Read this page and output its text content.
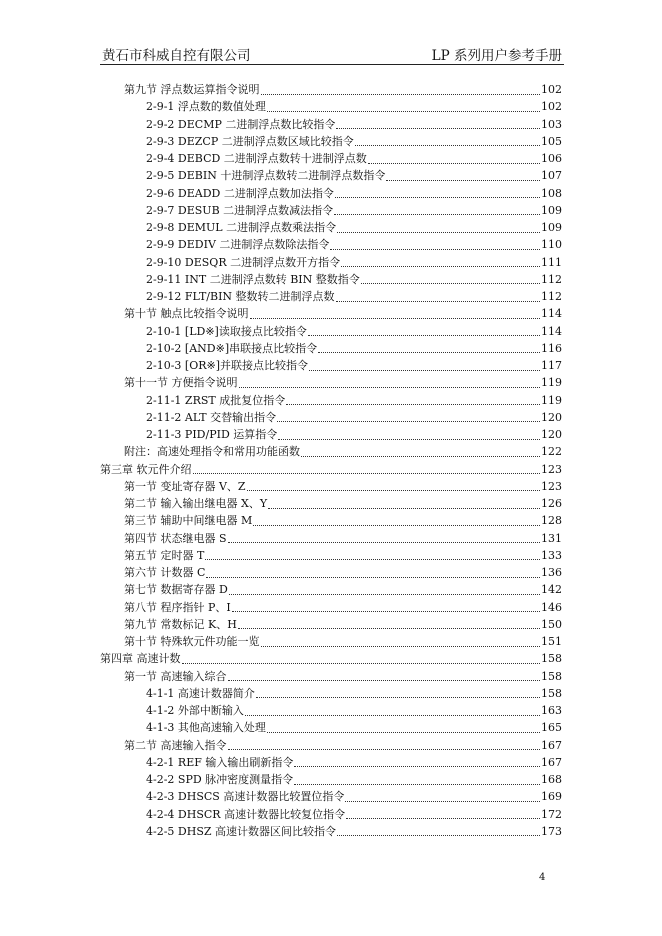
黄石市科威自控有限公司	LP 系列用户参考手册
第九节 浮点数运算指令说明	102
2-9-1 浮点数的数值处理	102
2-9-2 DECMP 二进制浮点数比较指令	103
2-9-3 DEZCP 二进制浮点数区域比较指令	105
2-9-4 DEBCD 二进制浮点数转十进制浮点数	106
2-9-5 DEBIN 十进制浮点数转二进制浮点数指令	107
2-9-6 DEADD 二进制浮点数加法指令	108
2-9-7 DESUB 二进制浮点数减法指令	109
2-9-8 DEMUL 二进制浮点数乘法指令	109
2-9-9 DEDIV 二进制浮点数除法指令	110
2-9-10 DESQR 二进制浮点数开方指令	111
2-9-11 INT 二进制浮点数转 BIN 整数指令	112
2-9-12 FLT/BIN 整数转二进制浮点数	112
第十节 触点比较指令说明	114
2-10-1 [LD※]读取接点比较指令	114
2-10-2 [AND※]串联接点比较指令	116
2-10-3 [OR※]并联接点比较指令	117
第十一节 方便指令说明	119
2-11-1 ZRST 成批复位指令	119
2-11-2 ALT 交替输出指令	120
2-11-3 PID/PID 运算指令	120
附注：高速处理指令和常用功能函数	122
第三章 软元件介绍	123
第一节 变址寄存器 V、Z	123
第二节 输入输出继电器 X、Y	126
第三节 辅助中间继电器 M	128
第四节 状态继电器 S	131
第五节 定时器 T	133
第六节 计数器 C	136
第七节 数据寄存器 D	142
第八节 程序指针 P、I	146
第九节 常数标记 K、H	150
第十节 特殊软元件功能一览	151
第四章 高速计数	158
第一节 高速输入综合	158
4-1-1 高速计数器简介	158
4-1-2 外部中断输入	163
4-1-3 其他高速输入处理	165
第二节 高速输入指令	167
4-2-1 REF 输入输出刷新指令	167
4-2-2 SPD 脉冲密度测量指令	168
4-2-3 DHSCS 高速计数器比较置位指令	169
4-2-4 DHSCR 高速计数器比较复位指令	172
4-2-5 DHSZ 高速计数器区间比较指令	173
4
